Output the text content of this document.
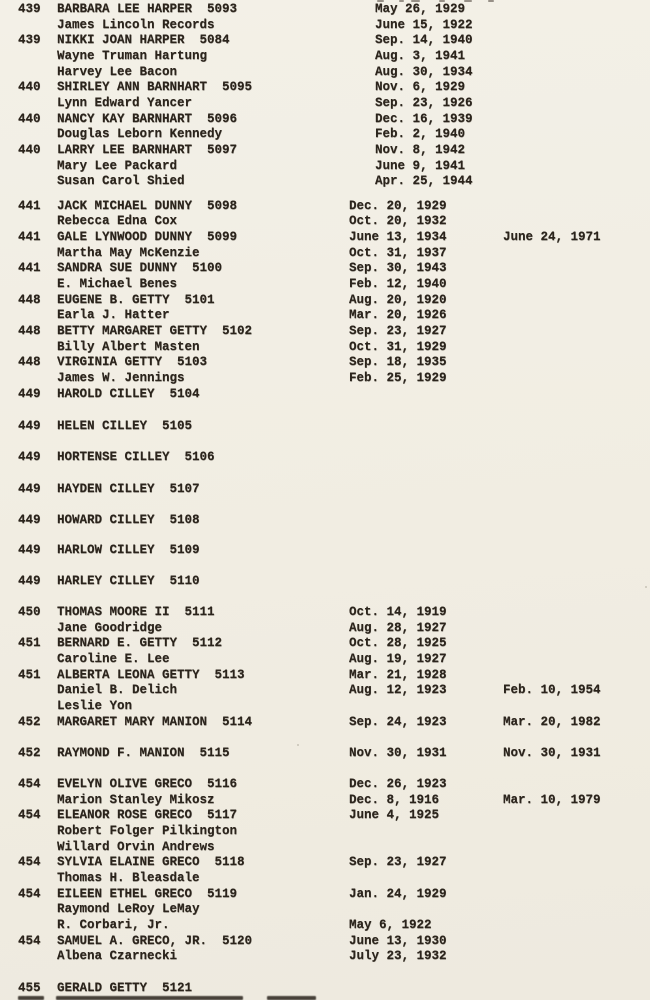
439 BARBARA LEE HARPER 5093	May 26, 1929
James Lincoln Records	June 15, 1922
439 NIKKI JOAN HARPER 5084	Sep. 14, 1940
Wayne Truman Hartung	Aug. 3, 1941
Harvey Lee Bacon	Aug. 30, 1934
440 SHIRLEY ANN BARNHART 5095	Nov. 6, 1929
Lynn Edward Yancer	Sep. 23, 1926
440 NANCY KAY BARNHART 5096	Dec. 16, 1939
Douglas Leborn Kennedy	Feb. 2, 1940
440 LARRY LEE BARNHART 5097	Nov. 8, 1942
Mary Lee Packard	June 9, 1941
Susan Carol Shied	Apr. 25, 1944
441 JACK MICHAEL DUNNY 5098	Dec. 20, 1929
Rebecca Edna Cox	Oct. 20, 1932
441 GALE LYNWOOD DUNNY 5099	June 13, 1934	June 24, 1971
Martha May McKenzie	Oct. 31, 1937
441 SANDRA SUE DUNNY 5100	Sep. 30, 1943
E. Michael Benes	Feb. 12, 1940
448 EUGENE B. GETTY 5101	Aug. 20, 1920
Earla J. Hatter	Mar. 20, 1926
448 BETTY MARGARET GETTY 5102	Sep. 23, 1927
Billy Albert Masten	Oct. 31, 1929
448 VIRGINIA GETTY 5103	Sep. 18, 1935
James W. Jennings	Feb. 25, 1929
449 HAROLD CILLEY 5104
449 HELEN CILLEY 5105
449 HORTENSE CILLEY 5106
449 HAYDEN CILLEY 5107
449 HOWARD CILLEY 5108
449 HARLOW CILLEY 5109
449 HARLEY CILLEY 5110
450 THOMAS MOORE II 5111	Oct. 14, 1919
Jane Goodridge	Aug. 28, 1927
451 BERNARD E. GETTY 5112	Oct. 28, 1925
Caroline E. Lee	Aug. 19, 1927
451 ALBERTA LEONA GETTY 5113	Mar. 21, 1928
Daniel B. Delich	Aug. 12, 1923	Feb. 10, 1954
Leslie Yon
452 MARGARET MARY MANION 5114	Sep. 24, 1923	Mar. 20, 1982
452 RAYMOND F. MANION 5115	Nov. 30, 1931	Nov. 30, 1931
454 EVELYN OLIVE GRECO 5116	Dec. 26, 1923
Marion Stanley Mikosz	Dec. 8, 1916	Mar. 10, 1979
454 ELEANOR ROSE GRECO 5117	June 4, 1925
Robert Folger Pilkington
Willard Orvin Andrews
454 SYLVIA ELAINE GRECO 5118	Sep. 23, 1927
Thomas H. Bleasdale
454 EILEEN ETHEL GRECO 5119	Jan. 24, 1929
Raymond LeRoy LeMay
R. Corbari, Jr.	May 6, 1922
454 SAMUEL A. GRECO, JR. 5120	June 13, 1930
Albena Czarnecki	July 23, 1932
455 GERALD GETTY 5121
